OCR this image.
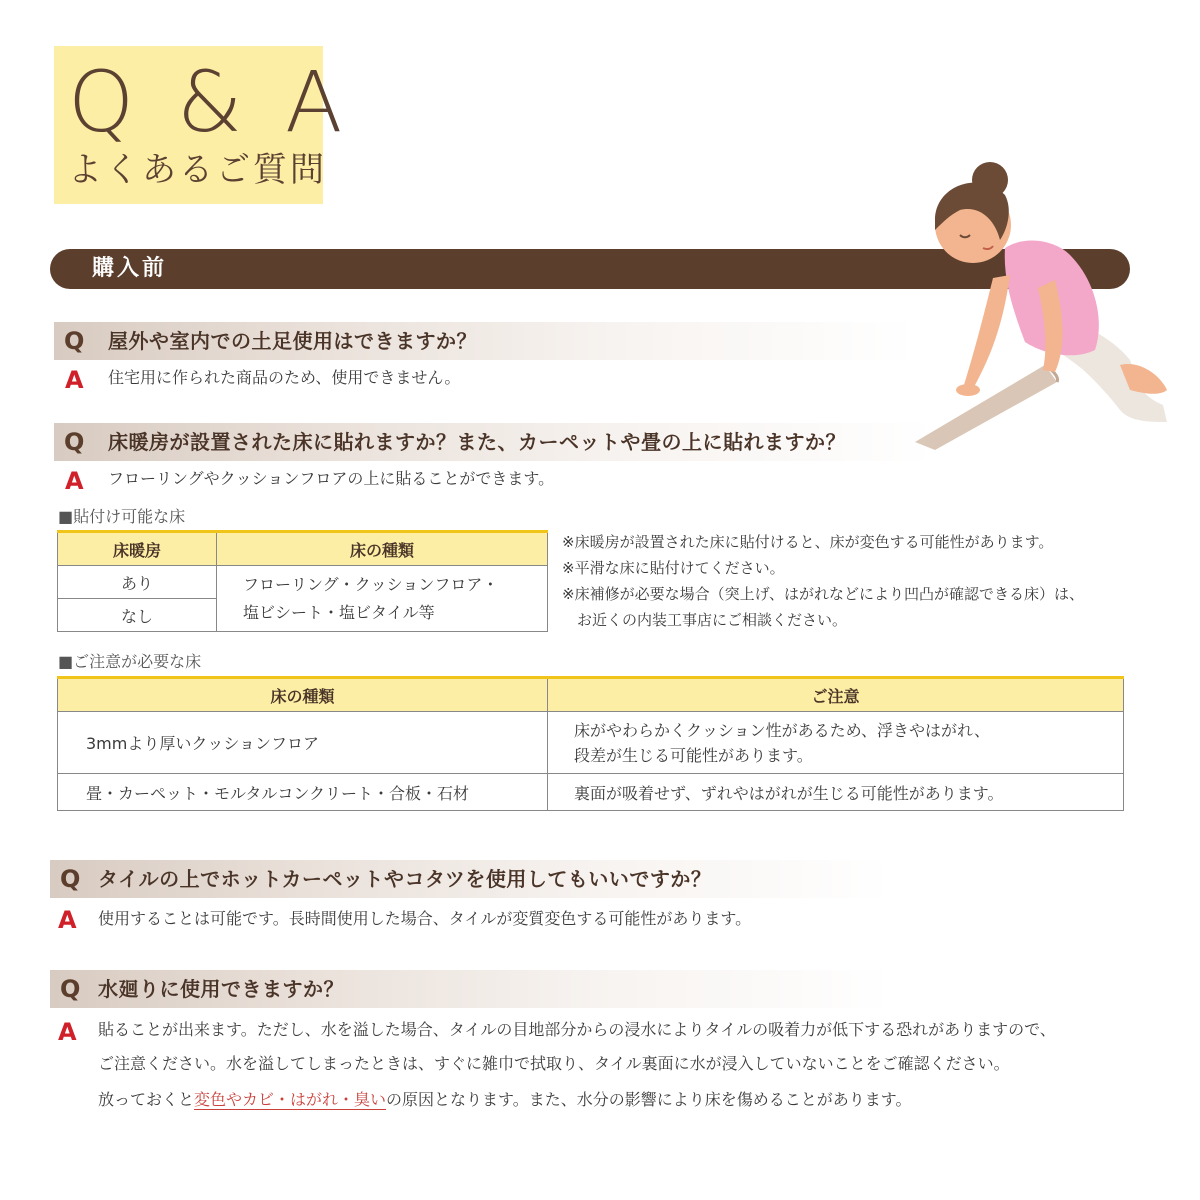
Q & A
よくあるご質問
購入前
Q 屋外や室内での土足使用はできますか？
A 住宅用に作られた商品のため、使用できません。
Q 床暖房が設置された床に貼れますか？また、カーペットや畳の上に貼れますか？
A フローリングやクッションフロアの上に貼ることができます。
■貼付け可能な床
床暖房	床の種類
あり	フローリング・クッションフロア・
塩ビシート・塩ビタイル等

なし	
※床暖房が設置された床に貼付けると、床が変色する可能性があります。
※平滑な床に貼付けてください。
※床補修が必要な場合（突上げ、はがれなどにより凹凸が確認できる床）は、
　お近くの内装工事店にご相談ください。
■ご注意が必要な床
床の種類	ご注意
3mmより厚いクッションフロア	床がやわらかくクッション性があるため、浮きやはがれ、
段差が生じる可能性があります。

畳・カーペット・モルタルコンクリート・合板・石材	裏面が吸着せず、ずれやはがれが生じる可能性があります。
Q タイルの上でホットカーペットやコタツを使用してもいいですか？
A 使用することは可能です。長時間使用した場合、タイルが変質変色する可能性があります。
Q 水廻りに使用できますか？
A 貼ることが出来ます。ただし、水を溢した場合、タイルの目地部分からの浸水によりタイルの吸着力が低下する恐れがありますので、
ご注意ください。水を溢してしまったときは、すぐに雑巾で拭取り、タイル裏面に水が浸入していないことをご確認ください。
放っておくと変色やカビ・はがれ・臭いの原因となります。また、水分の影響により床を傷めることがあります。
